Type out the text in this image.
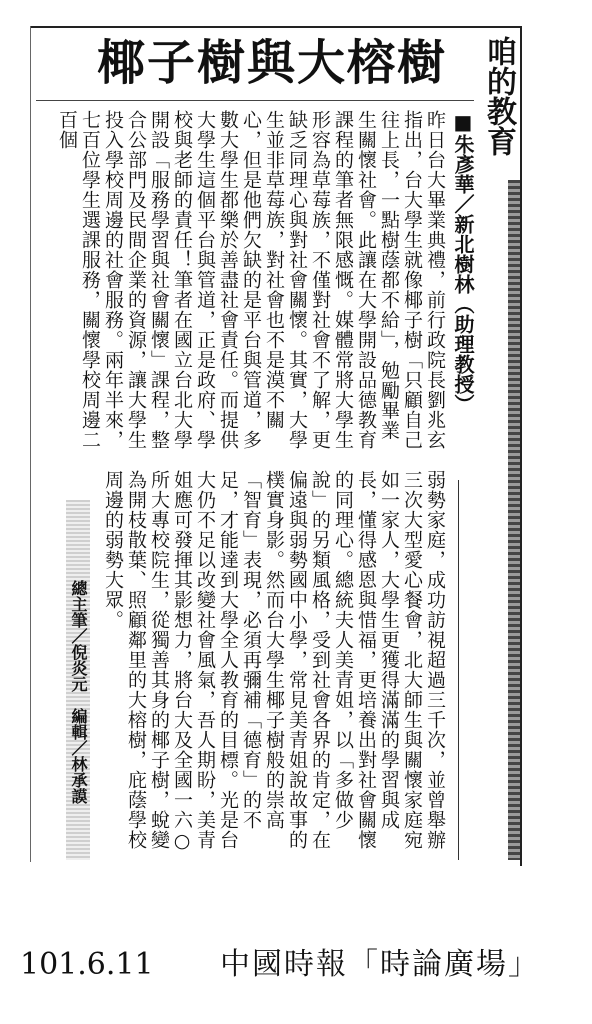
椰子樹與大榕樹	咱的教育
■朱彥華／新北樹林（助理教授）
昨日台大畢業典禮，前行政院長劉兆玄指出，台大學生就像椰子樹「只顧自己往上長，一點樹蔭都不給」，勉勵畢業生關懷社會。此讓在大學開設品德教育課程的筆者無限感慨。媒體常將大學生形容為草莓族，不僅對社會不了解，更缺乏同理心與對社會關懷。其實，大學生並非草莓族，對社會也不是漠不關心，但是他們欠缺的是平台與管道，多數大學生都樂於善盡社會責任。而提供大學生這個平台與管道，正是政府、學校與老師的責任！筆者在國立台北大學開設「服務學習與社會關懷」課程，整合公部門及民間企業的資源，讓大學生投入學校周邊的社會服務。兩年半來，七百位學生選課服務，關懷學校周邊二百個
弱勢家庭，成功訪視超過三千次，並曾舉辦三次大型愛心餐會，北大師生與關懷家庭宛如一家人，大學生更獲得滿滿的學習與成長，懂得感恩與惜福，更培養出對社會關懷的同理心。總統夫人美青姐，以「多做少說」的另類風格，受到社會各界的肯定，在偏遠與弱勢國中小學，常見美青姐說故事的樸實身影。然而台大學生椰子樹般的崇高「智育」表現，必須再彌補「德育」的不足，才能達到大學全人教育的目標。光是台大仍不足以改變社會風氣，吾人期盼，美青姐應可發揮其影想力，將台大及全國一六○所大專校院生，從獨善其身的椰子樹，蛻變為開枝散葉、照顧鄰里的大榕樹，庇蔭學校周邊的弱勢大眾。
總主筆／倪炎元　編輯／林承謨
101.6.11 中國時報「時論廣場」
